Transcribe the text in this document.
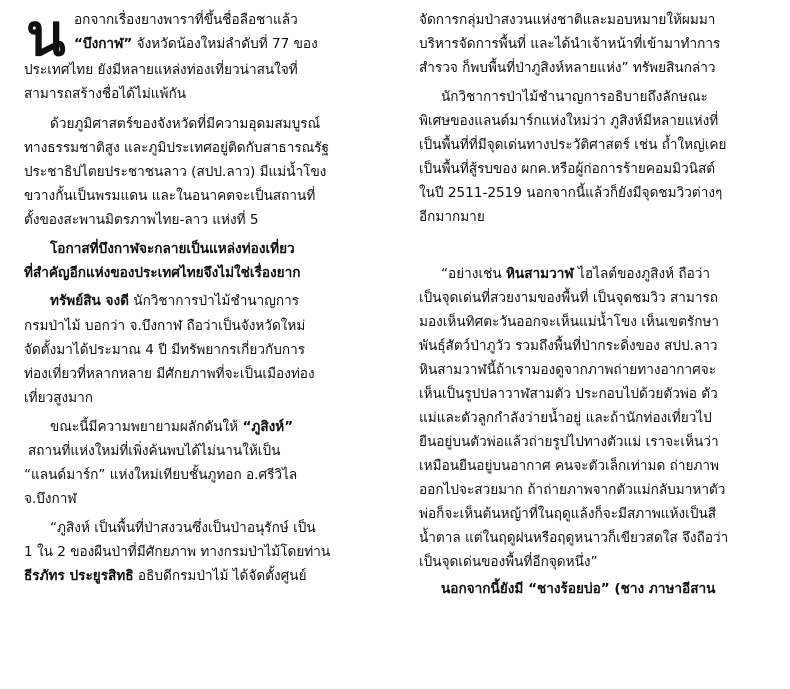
น อกจากเรื่องยางพาราที่ขึ้นชื่อลือชาแล้ว
“บึงกาฬ” จังหวัดน้องใหม่ลำดับที่ 77 ของ
ประเทศไทย ยังมีหลายแหล่งท่องเที่ยวน่าสนใจที่
สามารถสร้างชื่อได้ไม่แพ้กัน
ด้วยภูมิศาสตร์ของจังหวัดที่มีความอุดมสมบูรณ์
ทางธรรมชาติสูง และภูมิประเทศอยู่ติดกับสาธารณรัฐ
ประชาธิปไตยประชาชนลาว (สปป.ลาว) มีแม่น้ำโขง
ขวางกั้นเป็นพรมแดน และในอนาคตจะเป็นสถานที่
ตั้งของสะพานมิตรภาพไทย-ลาว แห่งที่ 5
โอกาสที่บึงกาฬจะกลายเป็นแหล่งท่องเที่ยว
ที่สำคัญอีกแห่งของประเทศไทยจึงไม่ใช่เรื่องยาก
ทรัพย์สิน จงดี นักวิชาการป่าไม้ชำนาญการ
กรมป่าไม้ บอกว่า จ.บึงกาฬ ถือว่าเป็นจังหวัดใหม่
จัดตั้งมาได้ประมาณ 4 ปี มีทรัพยากรเกี่ยวกับการ
ท่องเที่ยวที่หลากหลาย มีศักยภาพที่จะเป็นเมืองท่อง
เที่ยวสูงมาก
ขณะนี้มีความพยายามผลักดันให้ “ภูสิงห์”
สถานที่แห่งใหม่ที่เพิ่งค้นพบได้ไม่นานให้เป็น
“แลนด์มาร์ก” แห่งใหม่เทียบชั้นภูทอก อ.ศรีวิไล
จ.บึงกาฬ
“ภูสิงห์ เป็นพื้นที่ป่าสงวนซึ่งเป็นป่าอนุรักษ์ เป็น
1 ใน 2 ของผืนป่าที่มีศักยภาพ ทางกรมป่าไม้โดยท่าน
ธีรภัทร ประยูรสิทธิ อธิบดีกรมป่าไม้ ได้จัดตั้งศูนย์
จัดการกลุ่มป่าสงวนแห่งชาติและมอบหมายให้ผมมา
บริหารจัดการพื้นที่ และได้นำเจ้าหน้าที่เข้ามาทำการ
สำรวจ ก็พบพื้นที่ป่าภูสิงห์หลายแห่ง” ทรัพยสินกล่าว
นักวิชาการป่าไม้ชำนาญการอธิบายถึงลักษณะ
พิเศษของแลนด์มาร์กแห่งใหม่ว่า ภูสิงห์มีหลายแห่งที่
เป็นพื้นที่ที่มีจุดเด่นทางประวัติศาสตร์ เช่น ถ้ำใหญ่เคย
เป็นพื้นที่สู้รบของ ผกค.หรือผู้ก่อการร้ายคอมมิวนิสต์
ในปี 2511-2519 นอกจากนี้แล้วก็ยังมีจุดชมวิวต่างๆ
อีกมากมาย
“อย่างเช่น หินสามวาฬ ไฮไลต์ของภูสิงห์ ถือว่า
เป็นจุดเด่นที่สวยงามของพื้นที่ เป็นจุดชมวิว สามารถ
มองเห็นทิศตะวันออกจะเห็นแม่น้ำโขง เห็นเขตรักษา
พันธุ์สัตว์ป่าภูวัว รวมถึงพื้นที่ป่ากระดิ่งของ สปป.ลาว
หินสามวาฬนี้ถ้าเรามองดูจากภาพถ่ายทางอากาศจะ
เห็นเป็นรูปปลาวาฬสามตัว ประกอบไปด้วยตัวพ่อ ตัว
แม่และตัวลูกกำลังว่ายน้ำอยู่ และถ้านักท่องเที่ยวไป
ยืนอยู่บนตัวพ่อแล้วถ่ายรูปไปทางตัวแม่ เราจะเห็นว่า
เหมือนยืนอยู่บนอากาศ คนจะตัวเล็กเท่ามด ถ่ายภาพ
ออกไปจะสวยมาก ถ้าถ่ายภาพจากตัวแม่กลับมาหาตัว
พ่อก็จะเห็นต้นหญ้าที่ในฤดูแล้งก็จะมีสภาพแห้งเป็นสี
น้ำตาล แต่ในฤดูฝนหรือฤดูหนาวก็เขียวสดใส จึงถือว่า
เป็นจุดเด่นของพื้นที่อีกจุดหนึ่ง”
นอกจากนี้ยังมี “ชางร้อยบ่อ” (ชาง ภาษาอีสาน
